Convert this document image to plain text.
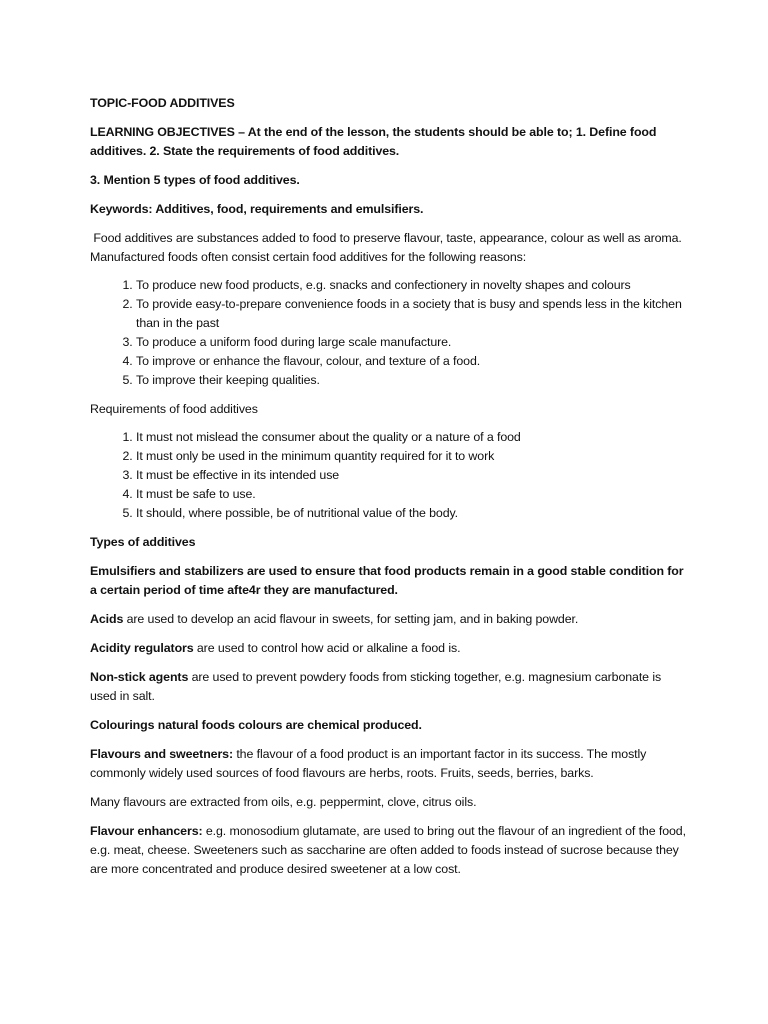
TOPIC-FOOD ADDITIVES

LEARNING OBJECTIVES – At the end of the lesson, the students should be able to; 1. Define food additives. 2. State the requirements of food additives.

3. Mention 5 types of food additives.

Keywords: Additives, food, requirements and emulsifiers.

Food additives are substances added to food to preserve flavour, taste, appearance, colour as well as aroma. Manufactured foods often consist certain food additives for the following reasons:

1. To produce new food products, e.g. snacks and confectionery in novelty shapes and colours
2. To provide easy-to-prepare convenience foods in a society that is busy and spends less in the kitchen than in the past
3. To produce a uniform food during large scale manufacture.
4. To improve or enhance the flavour, colour, and texture of a food.
5. To improve their keeping qualities.

Requirements of food additives

1. It must not mislead the consumer about the quality or a nature of a food
2. It must only be used in the minimum quantity required for it to work
3. It must be effective in its intended use
4. It must be safe to use.
5. It should, where possible, be of nutritional value of the body.

Types of additives

Emulsifiers and stabilizers are used to ensure that food products remain in a good stable condition for a certain period of time afte4r they are manufactured.

Acids are used to develop an acid flavour in sweets, for setting jam, and in baking powder.

Acidity regulators are used to control how acid or alkaline a food is.

Non-stick agents are used to prevent powdery foods from sticking together, e.g. magnesium carbonate is used in salt.

Colourings natural foods colours are chemical produced.

Flavours and sweetners: the flavour of a food product is an important factor in its success. The mostly commonly widely used sources of food flavours are herbs, roots. Fruits, seeds, berries, barks.

Many flavours are extracted from oils, e.g. peppermint, clove, citrus oils.

Flavour enhancers: e.g. monosodium glutamate, are used to bring out the flavour of an ingredient of the food, e.g. meat, cheese. Sweeteners such as saccharine are often added to foods instead of sucrose because they are more concentrated and produce desired sweetener at a low cost.
